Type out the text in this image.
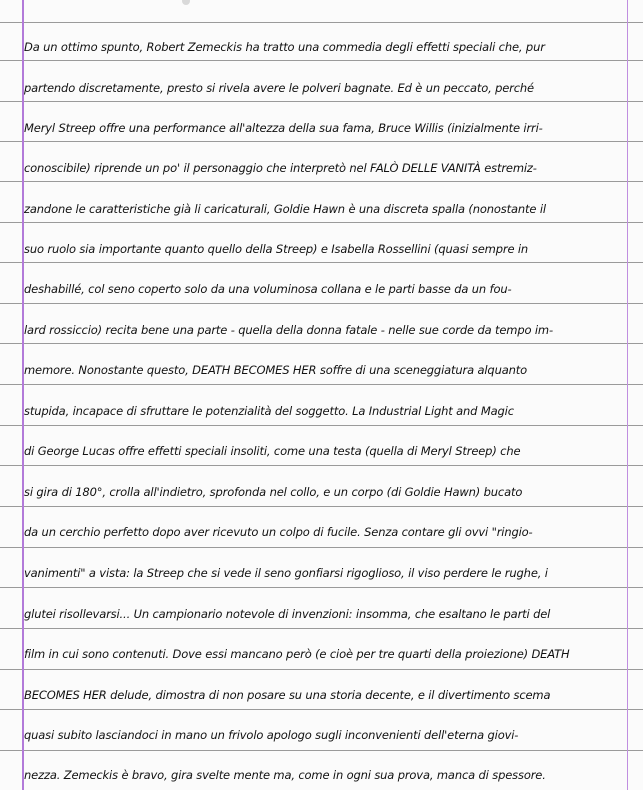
Da un ottimo spunto, Robert Zemeckis ha tratto una commedia degli effetti speciali che, pur
partendo discretamente, presto si rivela avere le polveri bagnate. Ed è un peccato, perché
Meryl Streep offre una performance all'altezza della sua fama, Bruce Willis (inizialmente irri-
conoscibile) riprende un po' il personaggio che interpretò nel FALÒ DELLE VANITÀ estremiz-
zandone le caratteristiche già li caricaturali, Goldie Hawn è una discreta spalla (nonostante il
suo ruolo sia importante quanto quello della Streep) e Isabella Rossellini (quasi sempre in
deshabillé, col seno coperto solo da una voluminosa collana e le parti basse da un fou-
lard rossiccio) recita bene una parte - quella della donna fatale - nelle sue corde da tempo im-
memore. Nonostante questo, DEATH BECOMES HER soffre di una sceneggiatura alquanto
stupida, incapace di sfruttare le potenzialità del soggetto. La Industrial Light and Magic
di George Lucas offre effetti speciali insoliti, come una testa (quella di Meryl Streep) che
si gira di 180°, crolla all'indietro, sprofonda nel collo, e un corpo (di Goldie Hawn) bucato
da un cerchio perfetto dopo aver ricevuto un colpo di fucile. Senza contare gli ovvi "ringio-
vanimenti" a vista: la Streep che si vede il seno gonfiarsi rigoglioso, il viso perdere le rughe, i
glutei risollevarsi... Un campionario notevole di invenzioni: insomma, che esaltano le parti del
film in cui sono contenuti. Dove essi mancano però (e cioè per tre quarti della proiezione) DEATH
BECOMES HER delude, dimostra di non posare su una storia decente, e il divertimento scema
quasi subito lasciandoci in mano un frivolo apologo sugli inconvenienti dell'eterna giovi-
nezza. Zemeckis è bravo, gira svelte mente ma, come in ogni sua prova, manca di spessore.
